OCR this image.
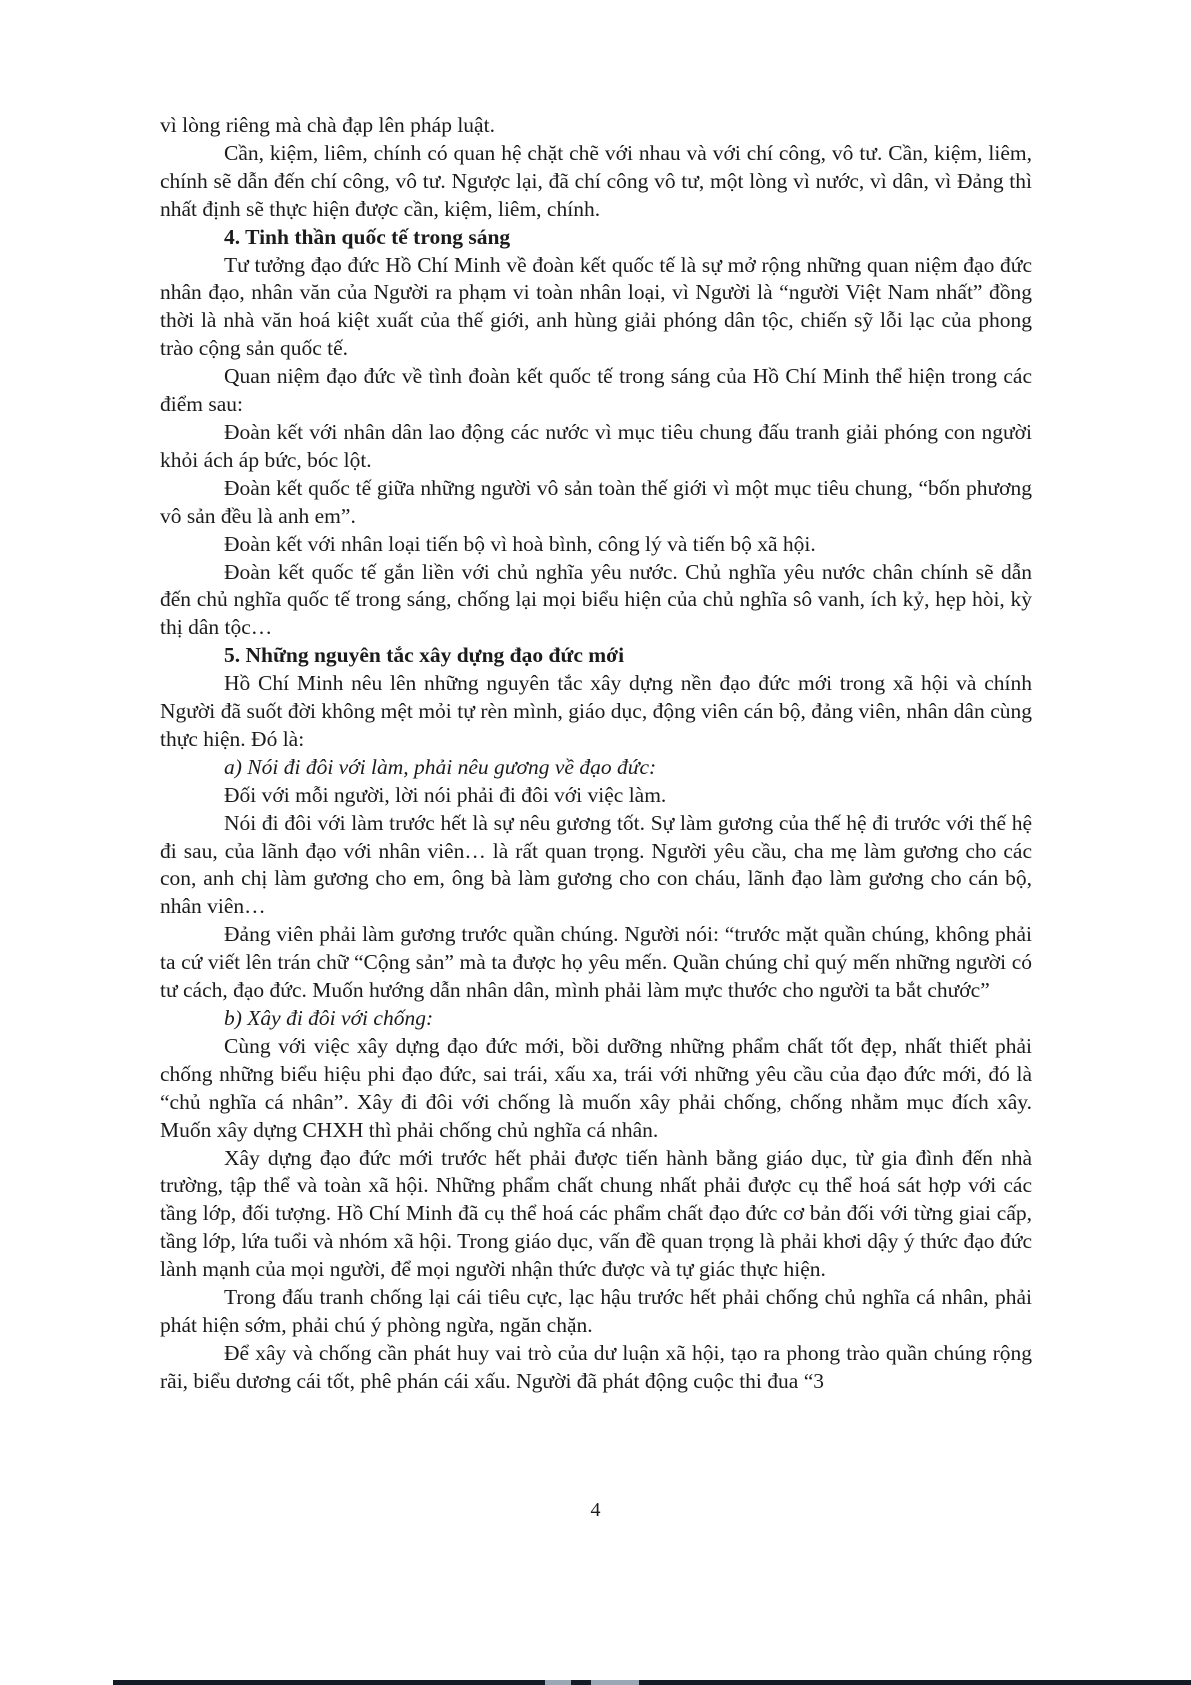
vì lòng riêng mà chà đạp lên pháp luật.

Cần, kiệm, liêm, chính có quan hệ chặt chẽ với nhau và với chí công, vô tư. Cần, kiệm, liêm, chính sẽ dẫn đến chí công, vô tư. Ngược lại, đã chí công vô tư, một lòng vì nước, vì dân, vì Đảng thì nhất định sẽ thực hiện được cần, kiệm, liêm, chính.

4. Tinh thần quốc tế trong sáng

Tư tưởng đạo đức Hồ Chí Minh về đoàn kết quốc tế là sự mở rộng những quan niệm đạo đức nhân đạo, nhân văn của Người ra phạm vi toàn nhân loại, vì Người là “người Việt Nam nhất” đồng thời là nhà văn hoá kiệt xuất của thế giới, anh hùng giải phóng dân tộc, chiến sỹ lỗi lạc của phong trào cộng sản quốc tế.

Quan niệm đạo đức về tình đoàn kết quốc tế trong sáng của Hồ Chí Minh thể hiện trong các điểm sau:

Đoàn kết với nhân dân lao động các nước vì mục tiêu chung đấu tranh giải phóng con người khỏi ách áp bức, bóc lột.

Đoàn kết quốc tế giữa những người vô sản toàn thế giới vì một mục tiêu chung, “bốn phương vô sản đều là anh em”.

Đoàn kết với nhân loại tiến bộ vì hoà bình, công lý và tiến bộ xã hội.

Đoàn kết quốc tế gắn liền với chủ nghĩa yêu nước. Chủ nghĩa yêu nước chân chính sẽ dẫn đến chủ nghĩa quốc tế trong sáng, chống lại mọi biểu hiện của chủ nghĩa sô vanh, ích kỷ, hẹp hòi, kỳ thị dân tộc…

5. Những nguyên tắc xây dựng đạo đức mới

Hồ Chí Minh nêu lên những nguyên tắc xây dựng nền đạo đức mới trong xã hội và chính Người đã suốt đời không mệt mỏi tự rèn mình, giáo dục, động viên cán bộ, đảng viên, nhân dân cùng thực hiện. Đó là:

a) Nói đi đôi với làm, phải nêu gương về đạo đức:

Đối với mỗi người, lời nói phải đi đôi với việc làm.

Nói đi đôi với làm trước hết là sự nêu gương tốt. Sự làm gương của thế hệ đi trước với thế hệ đi sau, của lãnh đạo với nhân viên… là rất quan trọng. Người yêu cầu, cha mẹ làm gương cho các con, anh chị làm gương cho em, ông bà làm gương cho con cháu, lãnh đạo làm gương cho cán bộ, nhân viên…

Đảng viên phải làm gương trước quần chúng. Người nói: “trước mặt quần chúng, không phải ta cứ viết lên trán chữ “Cộng sản” mà ta được họ yêu mến. Quần chúng chỉ quý mến những người có tư cách, đạo đức. Muốn hướng dẫn nhân dân, mình phải làm mực thước cho người ta bắt chước”

b) Xây đi đôi với chống:

Cùng với việc xây dựng đạo đức mới, bồi dưỡng những phẩm chất tốt đẹp, nhất thiết phải chống những biểu hiệu phi đạo đức, sai trái, xấu xa, trái với những yêu cầu của đạo đức mới, đó là “chủ nghĩa cá nhân”. Xây đi đôi với chống là muốn xây phải chống, chống nhằm mục đích xây. Muốn xây dựng CHXH thì phải chống chủ nghĩa cá nhân.

Xây dựng đạo đức mới trước hết phải được tiến hành bằng giáo dục, từ gia đình đến nhà trường, tập thể và toàn xã hội. Những phẩm chất chung nhất phải được cụ thể hoá sát hợp với các tầng lớp, đối tượng. Hồ Chí Minh đã cụ thể hoá các phẩm chất đạo đức cơ bản đối với từng giai cấp, tầng lớp, lứa tuổi và nhóm xã hội. Trong giáo dục, vấn đề quan trọng là phải khơi dậy ý thức đạo đức lành mạnh của mọi người, để mọi người nhận thức được và tự giác thực hiện.

Trong đấu tranh chống lại cái tiêu cực, lạc hậu trước hết phải chống chủ nghĩa cá nhân, phải phát hiện sớm, phải chú ý phòng ngừa, ngăn chặn.

Để xây và chống cần phát huy vai trò của dư luận xã hội, tạo ra phong trào quần chúng rộng rãi, biểu dương cái tốt, phê phán cái xấu. Người đã phát động cuộc thi đua “3

4
